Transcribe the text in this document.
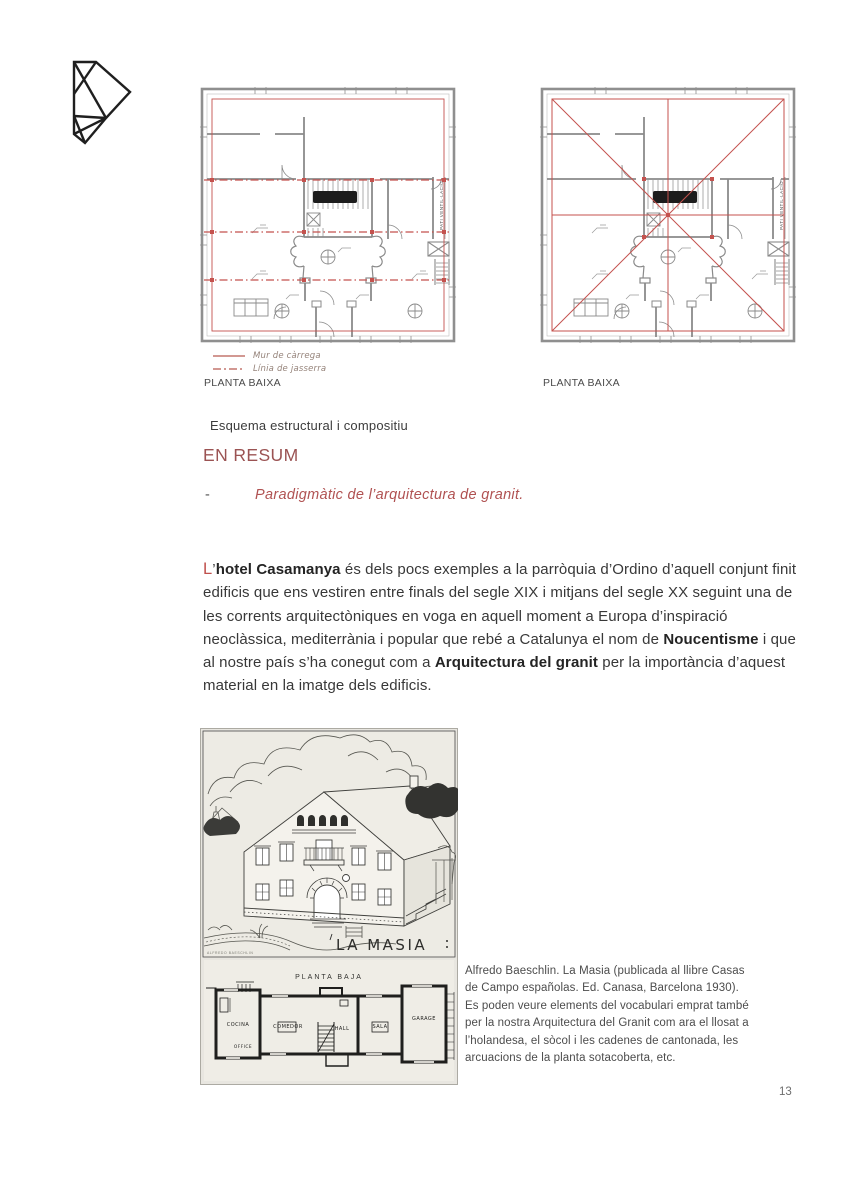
PATI VENTIL·LACIO	PATI VENTIL·LACIO
Mur de càrrega
Línia de jasserra
PLANTA BAIXA	PLANTA BAIXA
Esquema estructural i compositiu
EN RESUM
-	Paradigmàtic de l’arquitectura de granit.

L’hotel Casamanya és dels pocs exemples a la parròquia d’Ordino d’aquell conjunt finit edificis que ens vestiren entre finals del segle XIX i mitjans del segle XX seguint una de les corrents arquitectòniques en voga en aquell moment a Europa d’inspiració neoclàssica, mediterrània i popular que rebé a Catalunya el nom de Noucentisme i que al nostre país s’ha conegut com a Arquitectura del granit per la importància d’aquest material en la imatge dels edificis.

LA MASIA
ALFREDO BAESCHLIN
PLANTA BAJA
COCINA
OFFICE
COMEDOR	HALL	SALA
GARAGE
Alfredo Baeschlin. La Masia (publicada al llibre Casas de Campo españolas. Ed. Canasa, Barcelona 1930). Es poden veure elements del vocabulari emprat també per la nostra Arquitectura del Granit com ara el llosat a l’holandesa, el sòcol i les cadenes de cantonada, les arcuacions de la planta sotacoberta, etc.
13
